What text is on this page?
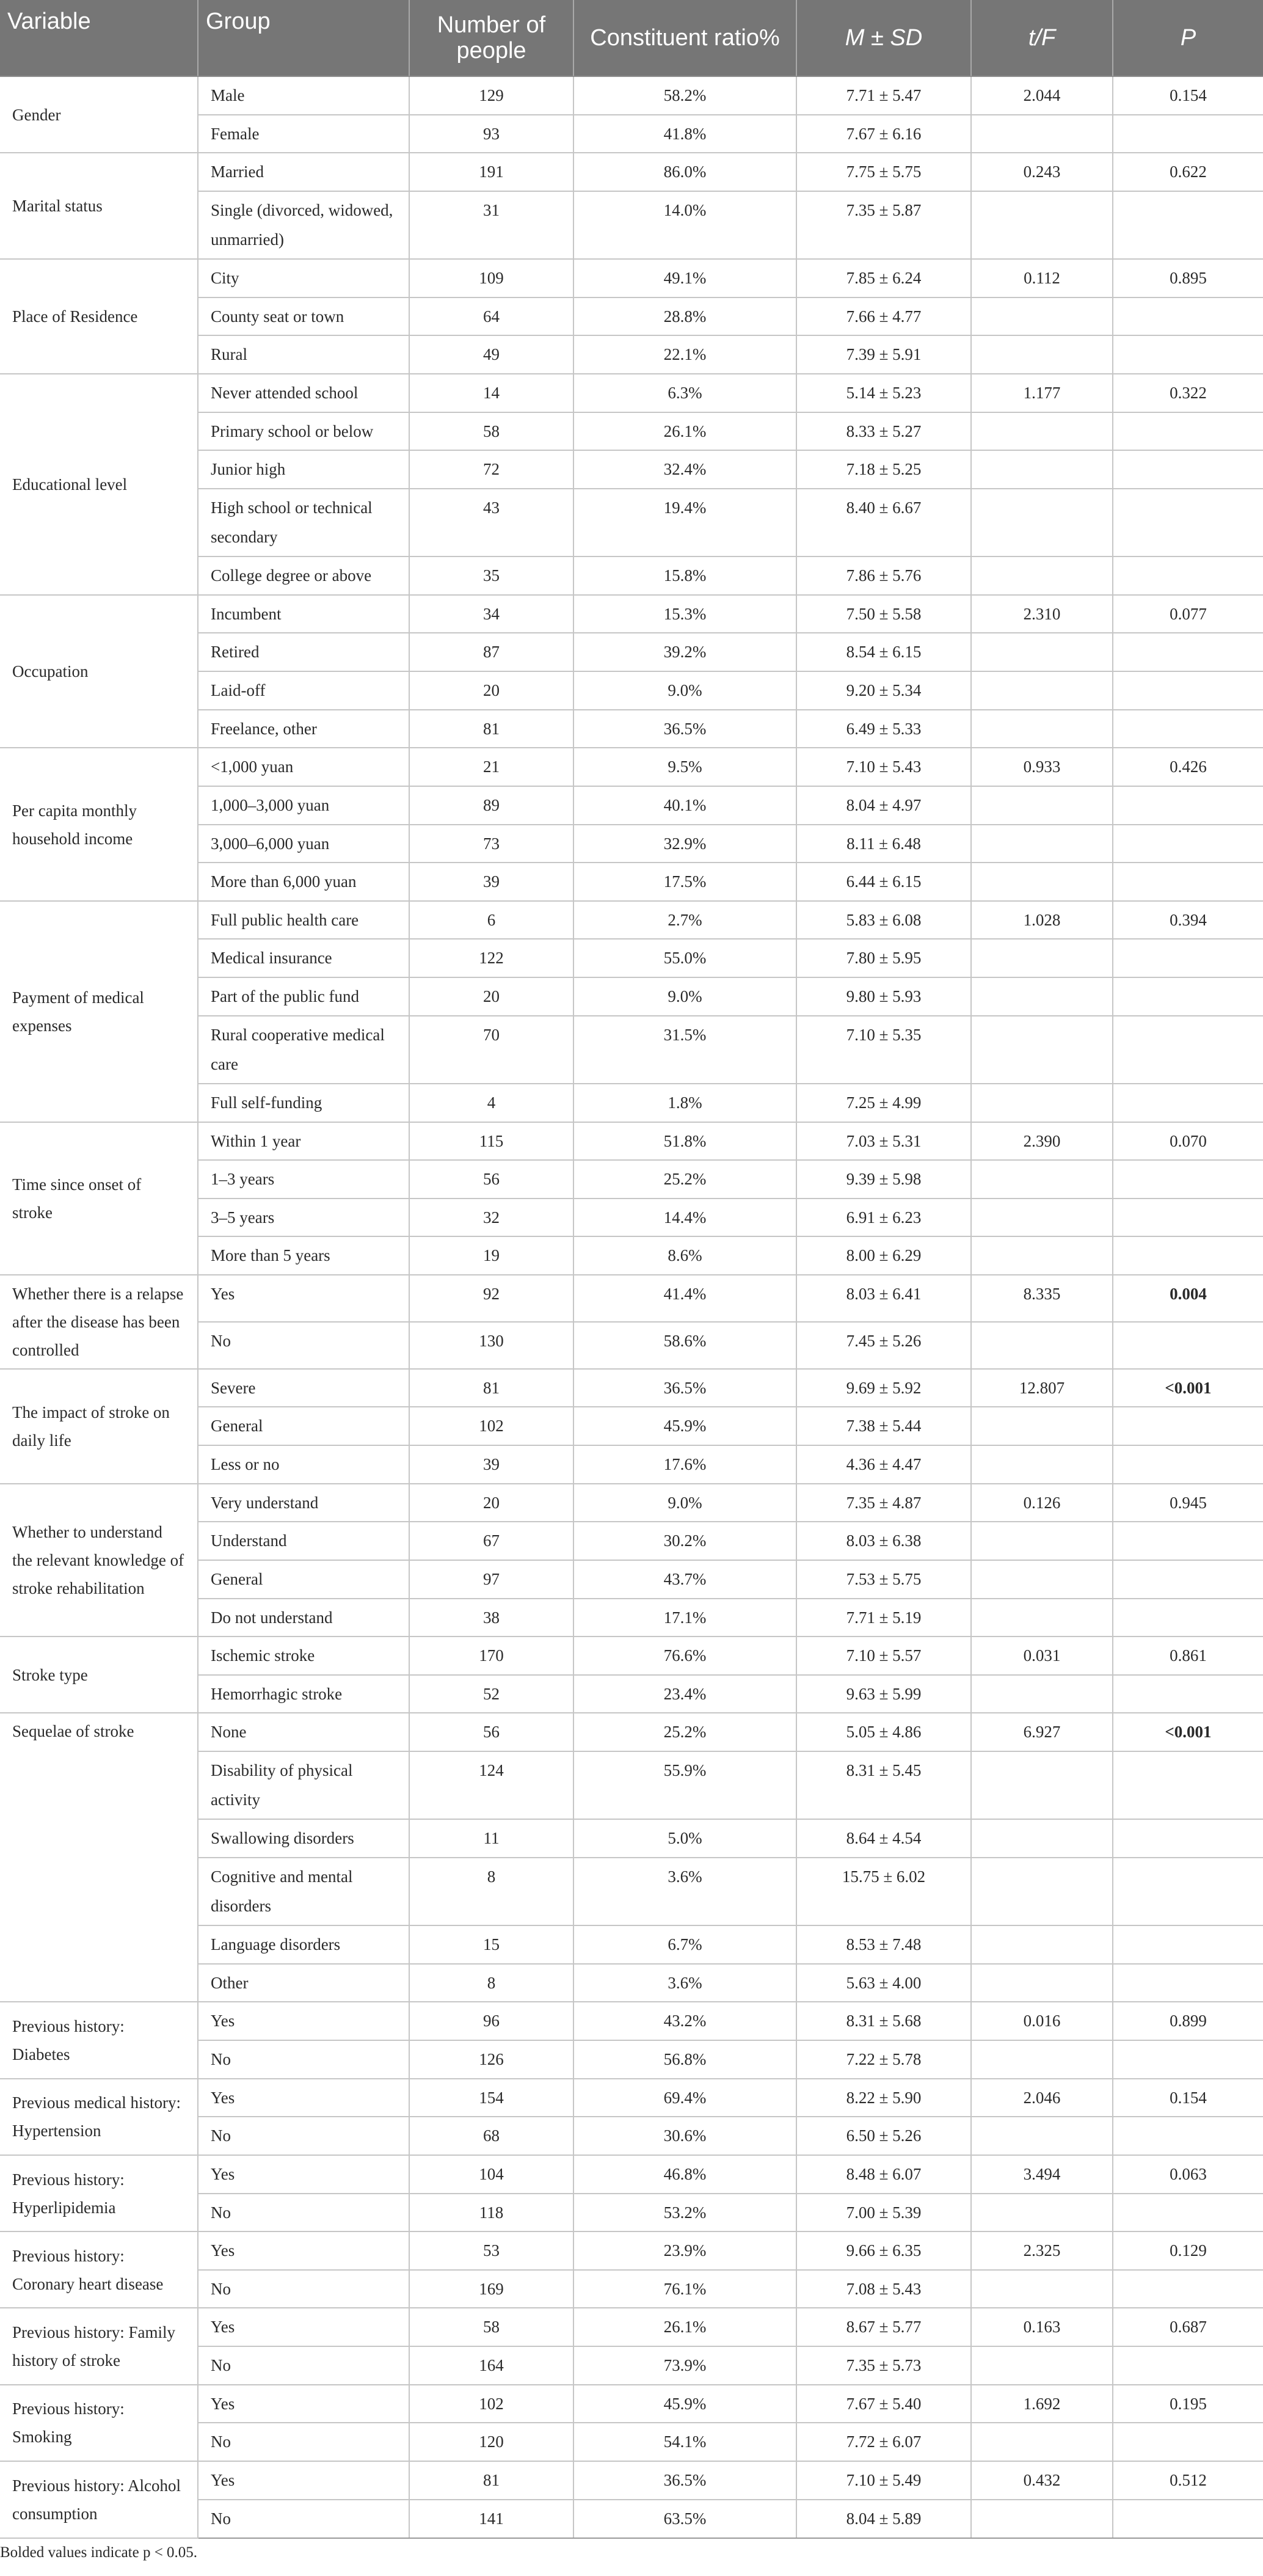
Variable	Group	Number of people	Constituent ratio%	M ± SD	t/F	P
Gender	Male	129	58.2%	7.71 ± 5.47	2.044	0.154
	Female	93	41.8%	7.67 ± 6.16		
Marital status	Married	191	86.0%	7.75 ± 5.75	0.243	0.622
	Single (divorced, widowed, unmarried)	31	14.0%	7.35 ± 5.87		
Place of Residence	City	109	49.1%	7.85 ± 6.24	0.112	0.895
	County seat or town	64	28.8%	7.66 ± 4.77		
	Rural	49	22.1%	7.39 ± 5.91		
Educational level	Never attended school	14	6.3%	5.14 ± 5.23	1.177	0.322
	Primary school or below	58	26.1%	8.33 ± 5.27		
	Junior high	72	32.4%	7.18 ± 5.25		
	High school or technical secondary	43	19.4%	8.40 ± 6.67		
	College degree or above	35	15.8%	7.86 ± 5.76		
Occupation	Incumbent	34	15.3%	7.50 ± 5.58	2.310	0.077
	Retired	87	39.2%	8.54 ± 6.15		
	Laid-off	20	9.0%	9.20 ± 5.34		
	Freelance, other	81	36.5%	6.49 ± 5.33		
Per capita monthly household income	<1,000 yuan	21	9.5%	7.10 ± 5.43	0.933	0.426
	1,000–3,000 yuan	89	40.1%	8.04 ± 4.97		
	3,000–6,000 yuan	73	32.9%	8.11 ± 6.48		
	More than 6,000 yuan	39	17.5%	6.44 ± 6.15		
Payment of medical expenses	Full public health care	6	2.7%	5.83 ± 6.08	1.028	0.394
	Medical insurance	122	55.0%	7.80 ± 5.95		
	Part of the public fund	20	9.0%	9.80 ± 5.93		
	Rural cooperative medical care	70	31.5%	7.10 ± 5.35		
	Full self-funding	4	1.8%	7.25 ± 4.99		
Time since onset of stroke	Within 1 year	115	51.8%	7.03 ± 5.31	2.390	0.070
	1–3 years	56	25.2%	9.39 ± 5.98		
	3–5 years	32	14.4%	6.91 ± 6.23		
	More than 5 years	19	8.6%	8.00 ± 6.29		
Whether there is a relapse after the disease has been controlled	Yes	92	41.4%	8.03 ± 6.41	8.335	0.004
	No	130	58.6%	7.45 ± 5.26		
The impact of stroke on daily life	Severe	81	36.5%	9.69 ± 5.92	12.807	<0.001
	General	102	45.9%	7.38 ± 5.44		
	Less or no	39	17.6%	4.36 ± 4.47		
Whether to understand the relevant knowledge of stroke rehabilitation	Very understand	20	9.0%	7.35 ± 4.87	0.126	0.945
	Understand	67	30.2%	8.03 ± 6.38		
	General	97	43.7%	7.53 ± 5.75		
	Do not understand	38	17.1%	7.71 ± 5.19		
Stroke type	Ischemic stroke	170	76.6%	7.10 ± 5.57	0.031	0.861
	Hemorrhagic stroke	52	23.4%	9.63 ± 5.99		
Sequelae of stroke	None	56	25.2%	5.05 ± 4.86	6.927	<0.001
	Disability of physical activity	124	55.9%	8.31 ± 5.45		
	Swallowing disorders	11	5.0%	8.64 ± 4.54		
	Cognitive and mental disorders	8	3.6%	15.75 ± 6.02		
	Language disorders	15	6.7%	8.53 ± 7.48		
	Other	8	3.6%	5.63 ± 4.00		
Previous history: Diabetes	Yes	96	43.2%	8.31 ± 5.68	0.016	0.899
	No	126	56.8%	7.22 ± 5.78		
Previous medical history: Hypertension	Yes	154	69.4%	8.22 ± 5.90	2.046	0.154
	No	68	30.6%	6.50 ± 5.26		
Previous history: Hyperlipidemia	Yes	104	46.8%	8.48 ± 6.07	3.494	0.063
	No	118	53.2%	7.00 ± 5.39		
Previous history: Coronary heart disease	Yes	53	23.9%	9.66 ± 6.35	2.325	0.129
	No	169	76.1%	7.08 ± 5.43		
Previous history: Family history of stroke	Yes	58	26.1%	8.67 ± 5.77	0.163	0.687
	No	164	73.9%	7.35 ± 5.73		
Previous history: Smoking	Yes	102	45.9%	7.67 ± 5.40	1.692	0.195
	No	120	54.1%	7.72 ± 6.07		
Previous history: Alcohol consumption	Yes	81	36.5%	7.10 ± 5.49	0.432	0.512
	No	141	63.5%	8.04 ± 5.89		
Bolded values indicate p < 0.05.
